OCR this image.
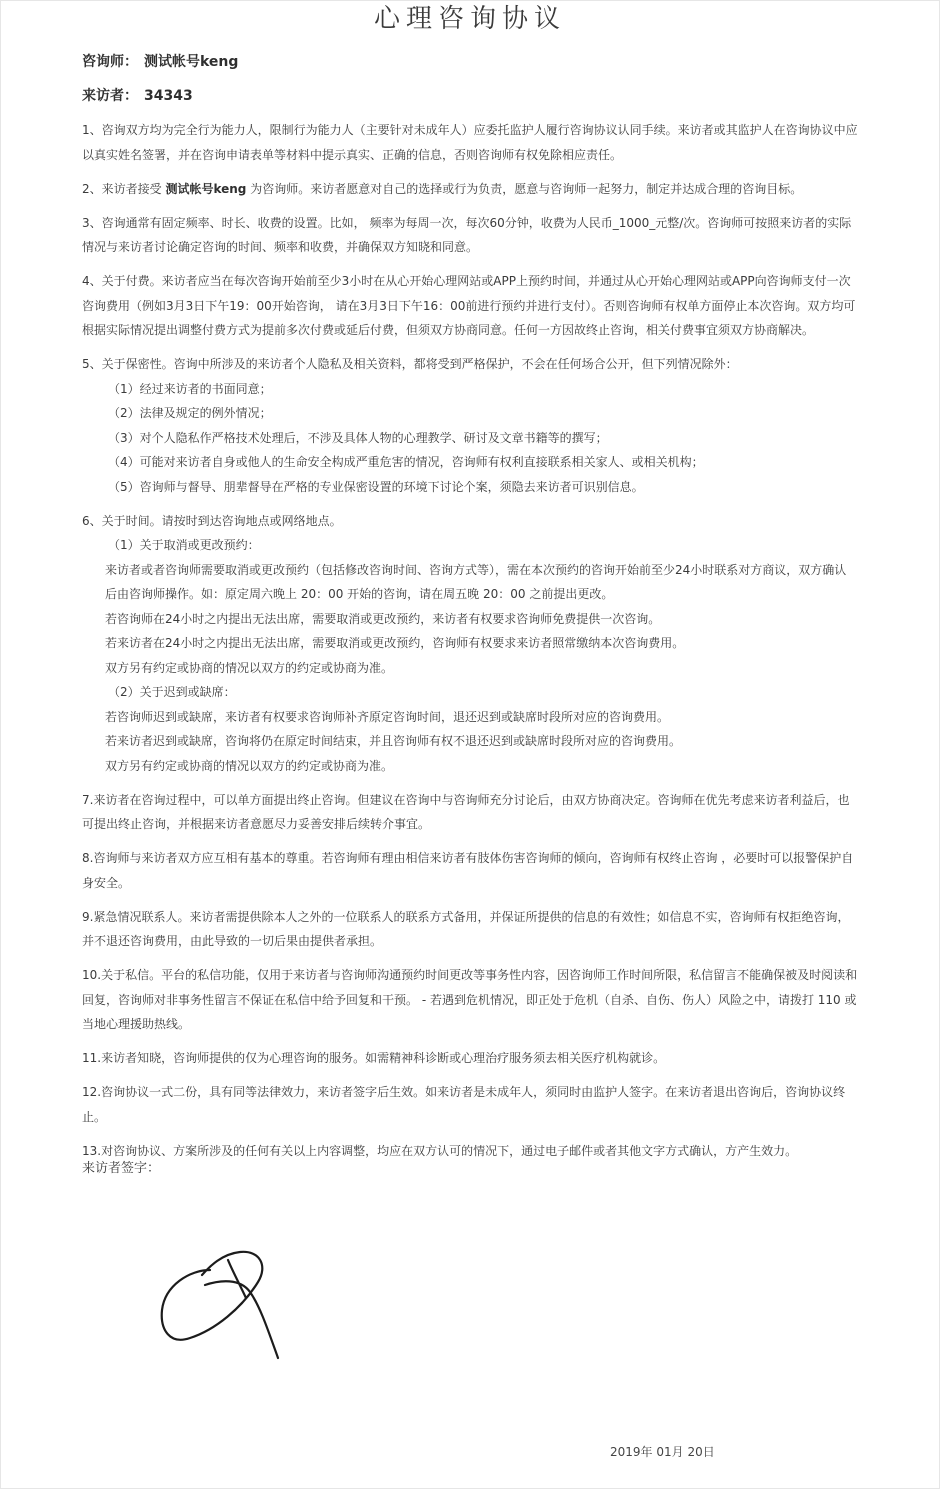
心理咨询协议
咨询师： 测试帐号keng
来访者： 34343

1、咨询双方均为完全行为能力人，限制行为能力人（主要针对未成年人）应委托监护人履行咨询协议认同手续。来访者或其监护人在咨询协议中应以真实姓名签署，并在咨询申请表单等材料中提示真实、正确的信息，否则咨询师有权免除相应责任。

2、来访者接受 测试帐号keng 为咨询师。来访者愿意对自己的选择或行为负责，愿意与咨询师一起努力，制定并达成合理的咨询目标。

3、咨询通常有固定频率、时长、收费的设置。比如， 频率为每周一次，每次60分钟，收费为人民币_1000_元整/次。咨询师可按照来访者的实际情况与来访者讨论确定咨询的时间、频率和收费，并确保双方知晓和同意。

4、关于付费。来访者应当在每次咨询开始前至少3小时在从心开始心理网站或APP上预约时间，并通过从心开始心理网站或APP向咨询师支付一次咨询费用（例如3月3日下午19：00开始咨询， 请在3月3日下午16：00前进行预约并进行支付）。否则咨询师有权单方面停止本次咨询。双方均可根据实际情况提出调整付费方式为提前多次付费或延后付费，但须双方协商同意。任何一方因故终止咨询，相关付费事宜须双方协商解决。

5、关于保密性。咨询中所涉及的来访者个人隐私及相关资料，都将受到严格保护，不会在任何场合公开，但下列情况除外：
（1）经过来访者的书面同意；
（2）法律及规定的例外情况；
（3）对个人隐私作严格技术处理后，不涉及具体人物的心理教学、研讨及文章书籍等的撰写；
（4）可能对来访者自身或他人的生命安全构成严重危害的情况，咨询师有权利直接联系相关家人、或相关机构；
（5）咨询师与督导、朋辈督导在严格的专业保密设置的环境下讨论个案，须隐去来访者可识别信息。
6、关于时间。请按时到达咨询地点或网络地点。
（1）关于取消或更改预约：
来访者或者咨询师需要取消或更改预约（包括修改咨询时间、咨询方式等），需在本次预约的咨询开始前至少24小时联系对方商议，双方确认后由咨询师操作。如：原定周六晚上 20：00 开始的咨询，请在周五晚 20：00 之前提出更改。
若咨询师在24小时之内提出无法出席，需要取消或更改预约，来访者有权要求咨询师免费提供一次咨询。
若来访者在24小时之内提出无法出席，需要取消或更改预约，咨询师有权要求来访者照常缴纳本次咨询费用。
双方另有约定或协商的情况以双方的约定或协商为准。
（2）关于迟到或缺席：
若咨询师迟到或缺席，来访者有权要求咨询师补齐原定咨询时间，退还迟到或缺席时段所对应的咨询费用。
若来访者迟到或缺席，咨询将仍在原定时间结束，并且咨询师有权不退还迟到或缺席时段所对应的咨询费用。
双方另有约定或协商的情况以双方的约定或协商为准。

7.来访者在咨询过程中，可以单方面提出终止咨询。但建议在咨询中与咨询师充分讨论后，由双方协商决定。咨询师在优先考虑来访者利益后，也可提出终止咨询，并根据来访者意愿尽力妥善安排后续转介事宜。

8.咨询师与来访者双方应互相有基本的尊重。若咨询师有理由相信来访者有肢体伤害咨询师的倾向，咨询师有权终止咨询 ，必要时可以报警保护自身安全。

9.紧急情况联系人。来访者需提供除本人之外的一位联系人的联系方式备用，并保证所提供的信息的有效性；如信息不实，咨询师有权拒绝咨询，并不退还咨询费用，由此导致的一切后果由提供者承担。

10.关于私信。平台的私信功能，仅用于来访者与咨询师沟通预约时间更改等事务性内容，因咨询师工作时间所限，私信留言不能确保被及时阅读和回复，咨询师对非事务性留言不保证在私信中给予回复和干预。 - 若遇到危机情况，即正处于危机（自杀、自伤、伤人）风险之中，请拨打 110 或当地心理援助热线。

11.来访者知晓，咨询师提供的仅为心理咨询的服务。如需精神科诊断或心理治疗服务须去相关医疗机构就诊。

12.咨询协议一式二份，具有同等法律效力，来访者签字后生效。如来访者是未成年人，须同时由监护人签字。在来访者退出咨询后，咨询协议终止。

13.对咨询协议、方案所涉及的任何有关以上内容调整，均应在双方认可的情况下，通过电子邮件或者其他文字方式确认，方产生效力。

来访者签字：
2019年 01月 20日
